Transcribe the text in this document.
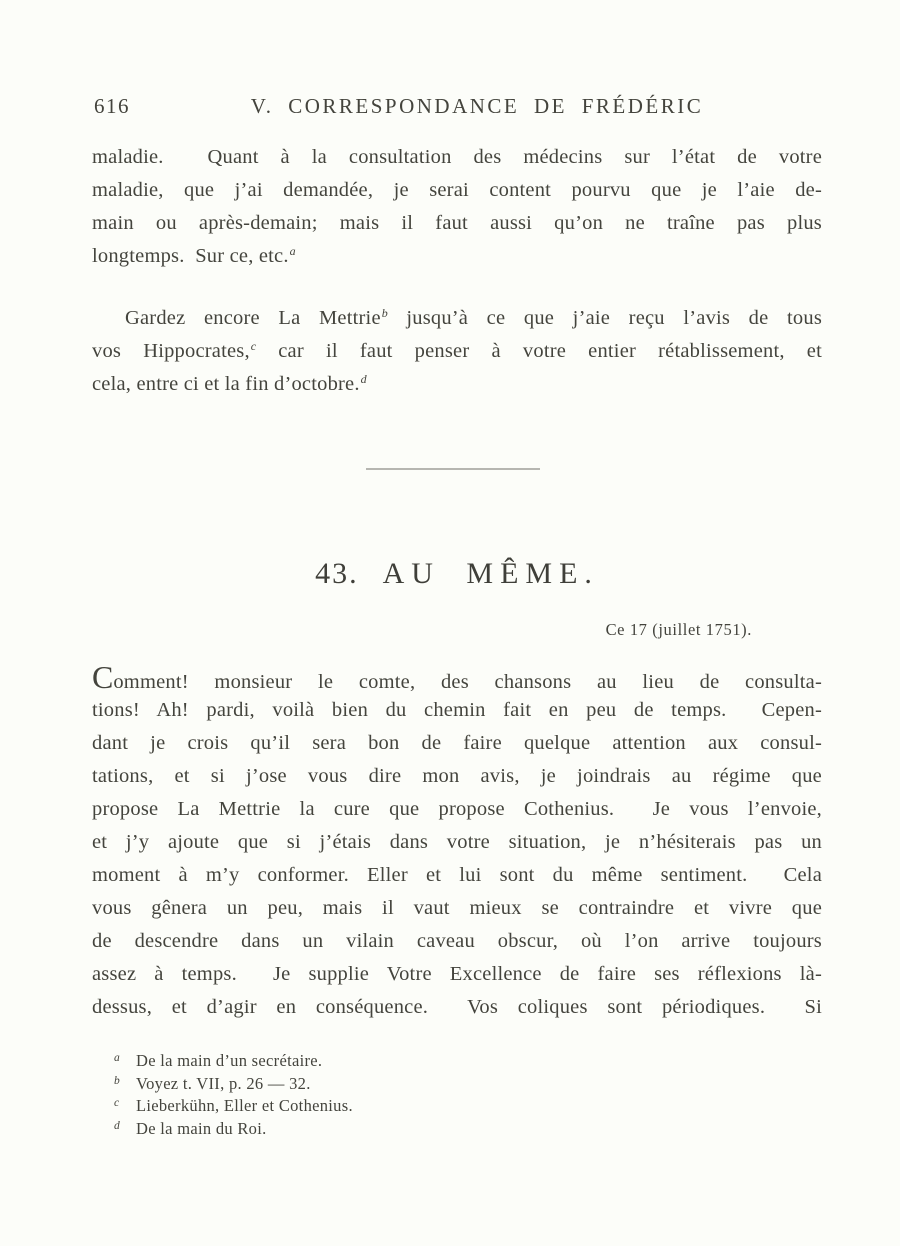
616	V. CORRESPONDANCE DE FRÉDÉRIC
maladie.  Quant à la consultation des médecins sur l’état de votre
maladie, que j’ai demandée, je serai content pourvu que je l’aie de-
main ou après-demain; mais il faut aussi qu’on ne traîne pas plus
longtemps.  Sur ce, etc.$^a$
Gardez encore La Mettrie$^b$ jusqu’à ce que j’aie reçu l’avis de tous
vos Hippocrates,$^c$ car il faut penser à votre entier rétablissement, et
cela, entre ci et la fin d’octobre.$^d$
43. AU MÊME.
Ce 17 (juillet 1751).
Comment! monsieur le comte, des chansons au lieu de consulta-
tions! Ah! pardi, voilà bien du chemin fait en peu de temps.  Cepen-
dant je crois qu’il sera bon de faire quelque attention aux consul-
tations, et si j’ose vous dire mon avis, je joindrais au régime que
propose La Mettrie la cure que propose Cothenius.  Je vous l’envoie,
et j’y ajoute que si j’étais dans votre situation, je n’hésiterais pas un
moment à m’y conformer. Eller et lui sont du même sentiment.  Cela
vous gênera un peu, mais il vaut mieux se contraindre et vivre que
de descendre dans un vilain caveau obscur, où l’on arrive toujours
assez à temps.  Je supplie Votre Excellence de faire ses réflexions là-
dessus, et d’agir en conséquence.  Vos coliques sont périodiques.  Si
$^a$ De la main d’un secrétaire.
$^b$ Voyez t. VII, p. 26 — 32.
$^c$ Lieberkühn, Eller et Cothenius.
$^d$ De la main du Roi.
